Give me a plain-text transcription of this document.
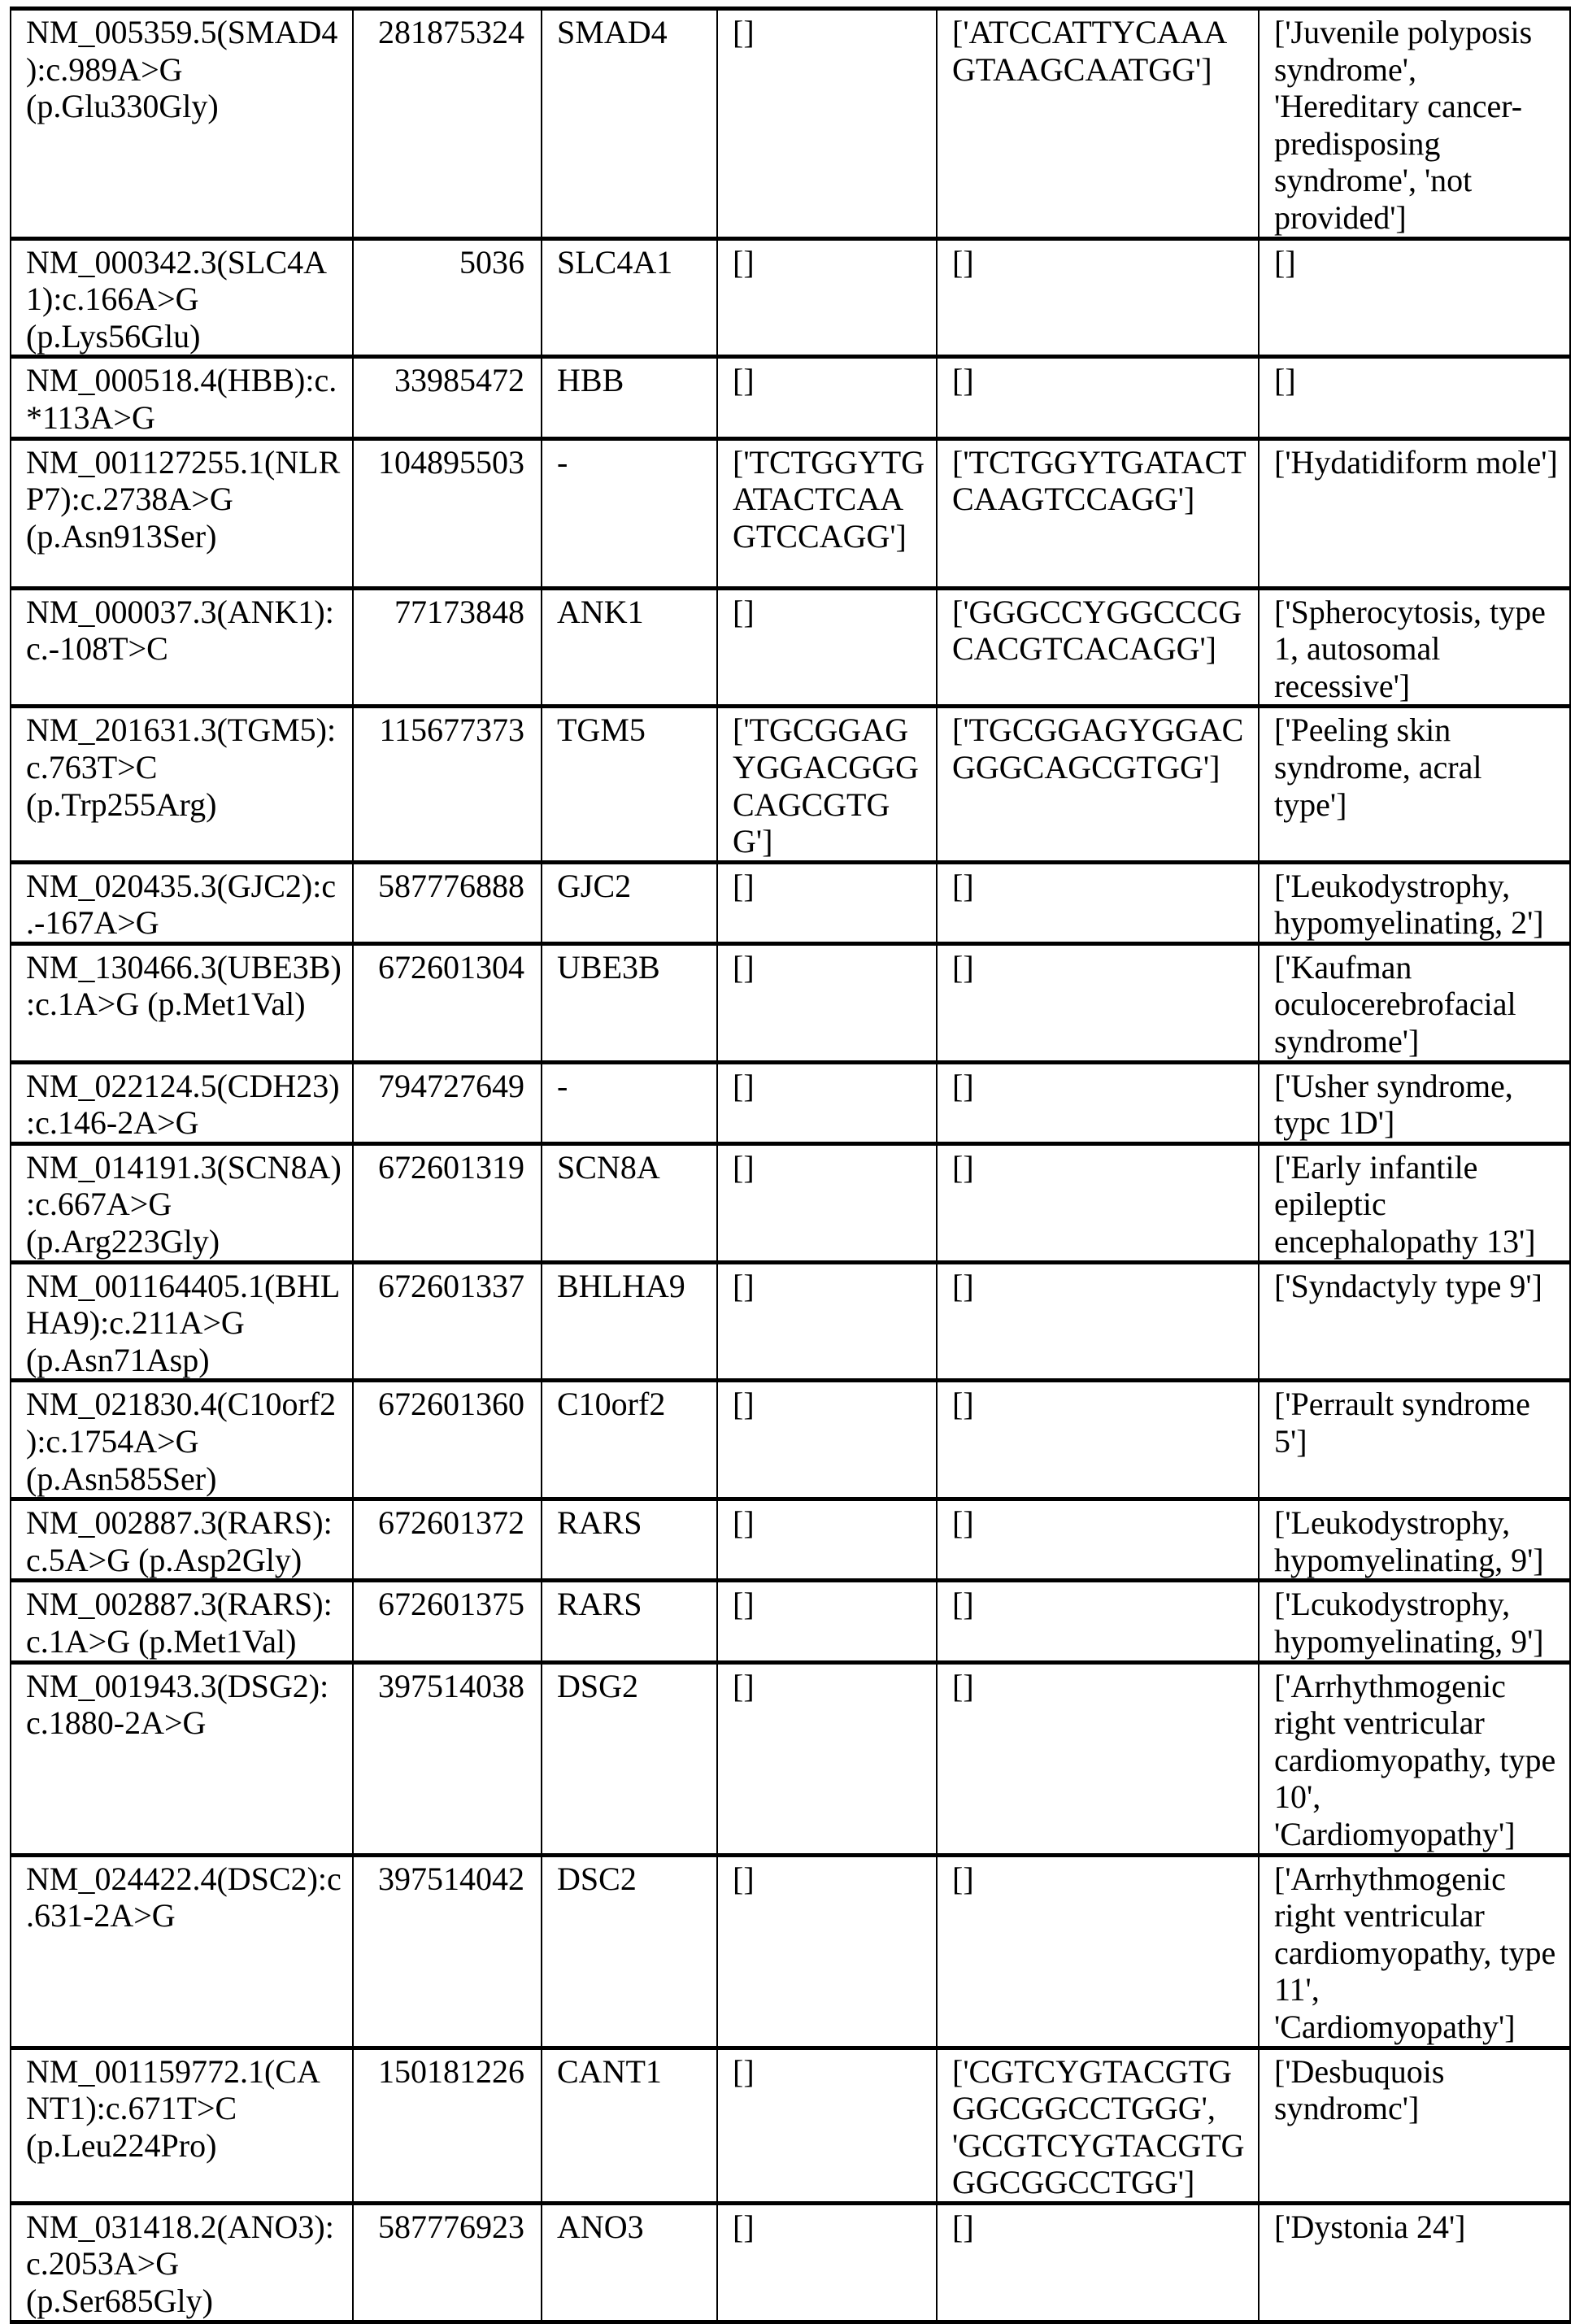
NM_005359.5(SMAD4):c.989A>G (p.Glu330Gly)	281875324	SMAD4	[]	['ATCCATTYCAAAGTAAGCAATGG']	['Juvenile polyposis syndrome', 'Hereditary cancer-predisposing syndrome', 'not provided']
NM_000342.3(SLC4A1):c.166A>G (p.Lys56Glu)	5036	SLC4A1	[]	[]	[]
NM_000518.4(HBB):c.*113A>G	33985472	HBB	[]	[]	[]
NM_001127255.1(NLRP7):c.2738A>G (p.Asn913Ser)	104895503	-	['TCTGGYTGATACTCAAGTCCAGG']	['TCTGGYTGATACTCAAGTCCAGG']	['Hydatidiform mole']
NM_000037.3(ANK1):c.-108T>C	77173848	ANK1	[]	['GGGCCYGGCCCGCACGTCACAGG']	['Spherocytosis, type 1, autosomal recessive']
NM_201631.3(TGM5):c.763T>C (p.Trp255Arg)	115677373	TGM5	['TGCGGAGYGGACGGGCAGCGTGG']	['TGCGGAGYGGACGGGCAGCGTGG']	['Peeling skin syndrome, acral type']
NM_020435.3(GJC2):c.-167A>G	587776888	GJC2	[]	[]	['Leukodystrophy, hypomyelinating, 2']
NM_130466.3(UBE3B):c.1A>G (p.Met1Val)	672601304	UBE3B	[]	[]	['Kaufman oculocerebrofacial syndrome']
NM_022124.5(CDH23):c.146-2A>G	794727649	-	[]	[]	['Usher syndrome, typc 1D']
NM_014191.3(SCN8A):c.667A>G (p.Arg223Gly)	672601319	SCN8A	[]	[]	['Early infantile epileptic encephalopathy 13']
NM_001164405.1(BHLHA9):c.211A>G (p.Asn71Asp)	672601337	BHLHA9	[]	[]	['Syndactyly type 9']
NM_021830.4(C10orf2):c.1754A>G (p.Asn585Ser)	672601360	C10orf2	[]	[]	['Perrault syndrome 5']
NM_002887.3(RARS):c.5A>G (p.Asp2Gly)	672601372	RARS	[]	[]	['Leukodystrophy, hypomyelinating, 9']
NM_002887.3(RARS):c.1A>G (p.Met1Val)	672601375	RARS	[]	[]	['Lcukodystrophy, hypomyelinating, 9']
NM_001943.3(DSG2):c.1880-2A>G	397514038	DSG2	[]	[]	['Arrhythmogenic right ventricular cardiomyopathy, type 10', 'Cardiomyopathy']
NM_024422.4(DSC2):c.631-2A>G	397514042	DSC2	[]	[]	['Arrhythmogenic right ventricular cardiomyopathy, type 11', 'Cardiomyopathy']
NM_001159772.1(CANT1):c.671T>C (p.Leu224Pro)	150181226	CANT1	[]	['CGTCYGTACGTGGGCGGCCTGGG', 'GCGTCYGTACGTGGGCGGCCTGG']	['Desbuquois syndromc']
NM_031418.2(ANO3):c.2053A>G (p.Ser685Gly)	587776923	ANO3	[]	[]	['Dystonia 24']
